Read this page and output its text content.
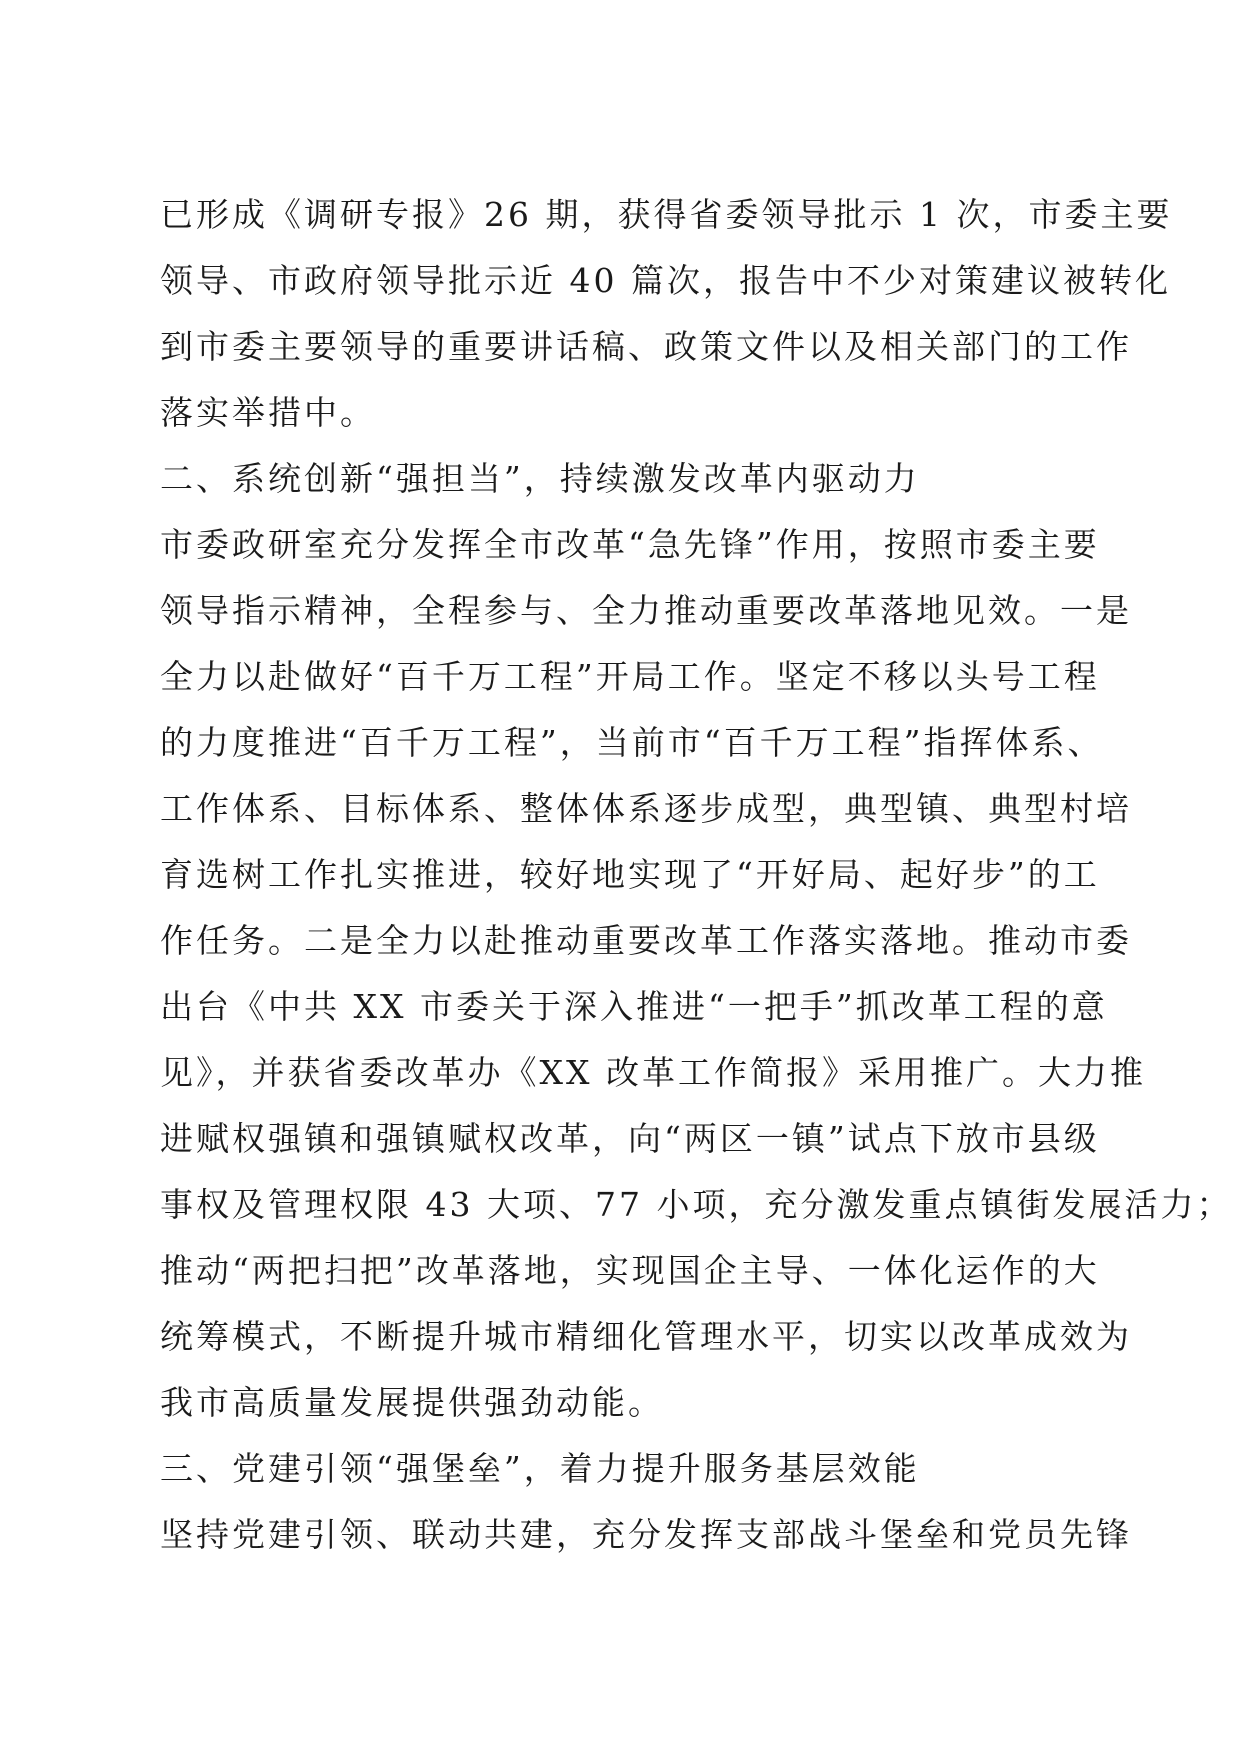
已形成《调研专报》26 期，获得省委领导批示 1 次，市委主要
领导、市政府领导批示近 40 篇次，报告中不少对策建议被转化
到市委主要领导的重要讲话稿、政策文件以及相关部门的工作
落实举措中。
二、系统创新“强担当”，持续激发改革内驱动力
市委政研室充分发挥全市改革“急先锋”作用，按照市委主要
领导指示精神，全程参与、全力推动重要改革落地见效。一是
全力以赴做好“百千万工程”开局工作。坚定不移以头号工程
的力度推进“百千万工程”，当前市“百千万工程”指挥体系、
工作体系、目标体系、整体体系逐步成型，典型镇、典型村培
育选树工作扎实推进，较好地实现了“开好局、起好步”的工
作任务。二是全力以赴推动重要改革工作落实落地。推动市委
出台《中共 XX 市委关于深入推进“一把手”抓改革工程的意
见》，并获省委改革办《XX 改革工作简报》采用推广。大力推
进赋权强镇和强镇赋权改革，向“两区一镇”试点下放市县级
事权及管理权限 43 大项、77 小项，充分激发重点镇街发展活力；
推动“两把扫把”改革落地，实现国企主导、一体化运作的大
统筹模式，不断提升城市精细化管理水平，切实以改革成效为
我市高质量发展提供强劲动能。
三、党建引领“强堡垒”，着力提升服务基层效能
坚持党建引领、联动共建，充分发挥支部战斗堡垒和党员先锋
